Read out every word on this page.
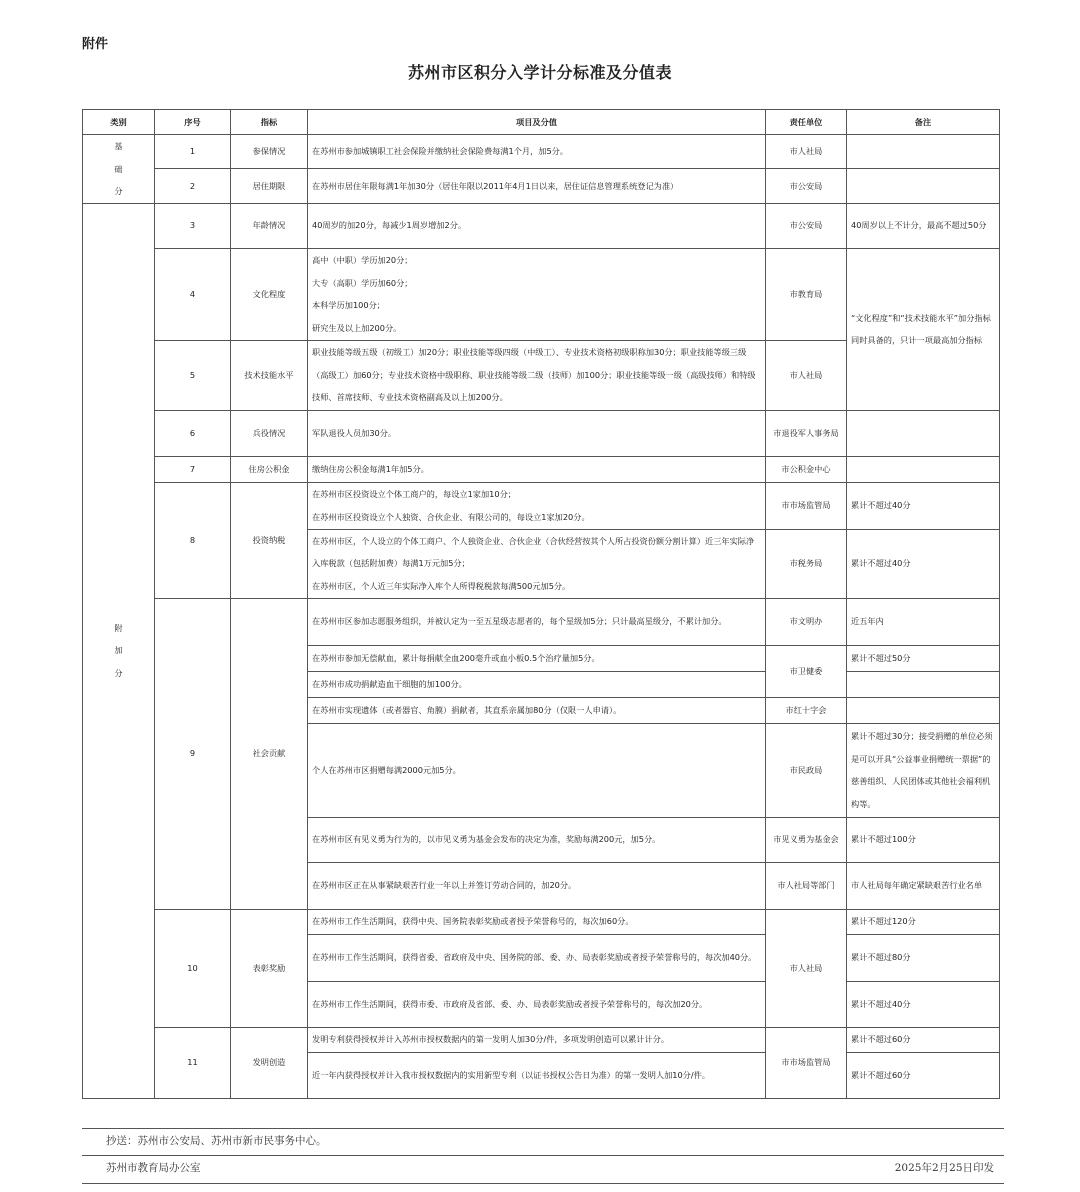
附件
苏州市区积分入学计分标准及分值表
类别	序号	指标	项目及分值	责任单位	备注
基
础
分	1	参保情况	在苏州市参加城镇职工社会保险并缴纳社会保险费每满1个月，加5分。	市人社局	
	2	居住期限	在苏州市居住年限每满1年加30分（居住年限以2011年4月1日以来，居住证信息管理系统登记为准）	市公安局	
附
加
分	3	年龄情况	40周岁的加20分，每减少1周岁增加2分。	市公安局	40周岁以上不计分，最高不超过50分
	4	文化程度	高中（中职）学历加20分；
大专（高职）学历加60分；
本科学历加100分；
研究生及以上加200分。	市教育局	“文化程度”和“技术技能水平”加分指标同时具备的，只计一项最高加分指标
	5	技术技能水平	职业技能等级五级（初级工）加20分；职业技能等级四级（中级工）、专业技术资格初级职称加30分；职业技能等级三级（高级工）加60分；专业技术资格中级职称、职业技能等级二级（技师）加100分；职业技能等级一级（高级技师）和特级技师、首席技师、专业技术资格副高及以上加200分。	市人社局	
	6	兵役情况	军队退役人员加30分。	市退役军人事务局	
	7	住房公积金	缴纳住房公积金每满1年加5分。	市公积金中心	
	8	投资纳税	在苏州市区投资设立个体工商户的，每设立1家加10分；
在苏州市区投资设立个人独资、合伙企业、有限公司的，每设立1家加20分。	市市场监管局	累计不超过40分
			在苏州市区，个人设立的个体工商户、个人独资企业、合伙企业（合伙经营按其个人所占投资份额分割计算）近三年实际净入库税款（包括附加费）每满1万元加5分；
在苏州市区，个人近三年实际净入库个人所得税税款每满500元加5分。	市税务局	累计不超过40分
	9	社会贡献	在苏州市区参加志愿服务组织，并被认定为一至五星级志愿者的，每个星级加5分；只计最高星级分，不累计加分。	市文明办	近五年内
			在苏州市参加无偿献血，累计每捐献全血200毫升或血小板0.5个治疗量加5分。	市卫健委	累计不超过50分
			在苏州市成功捐献造血干细胞的加100分。		
			在苏州市实现遗体（或者器官、角膜）捐献者，其直系亲属加80分（仅限一人申请）。	市红十字会	
			个人在苏州市区捐赠每满2000元加5分。	市民政局	累计不超过30分；接受捐赠的单位必须是可以开具“公益事业捐赠统一票据”的慈善组织、人民团体或其他社会福利机构等。
			在苏州市区有见义勇为行为的，以市见义勇为基金会发布的决定为准，奖励每满200元，加5分。	市见义勇为基金会	累计不超过100分
			在苏州市区正在从事紧缺艰苦行业一年以上并签订劳动合同的，加20分。	市人社局等部门	市人社局每年确定紧缺艰苦行业名单
	10	表彰奖励	在苏州市工作生活期间，获得中央、国务院表彰奖励或者授予荣誉称号的，每次加60分。	市人社局	累计不超过120分
			在苏州市工作生活期间，获得省委、省政府及中央、国务院的部、委、办、局表彰奖励或者授予荣誉称号的，每次加40分。		累计不超过80分
			在苏州市工作生活期间，获得市委、市政府及省部、委、办、局表彰奖励或者授予荣誉称号的，每次加20分。		累计不超过40分
	11	发明创造	发明专利获得授权并计入苏州市授权数据内的第一发明人加30分/件，多项发明创造可以累计计分。	市市场监管局	累计不超过60分
			近一年内获得授权并计入我市授权数据内的实用新型专利（以证书授权公告日为准）的第一发明人加10分/件。		累计不超过60分
抄送：苏州市公安局、苏州市新市民事务中心。
苏州市教育局办公室	2025年2月25日印发
